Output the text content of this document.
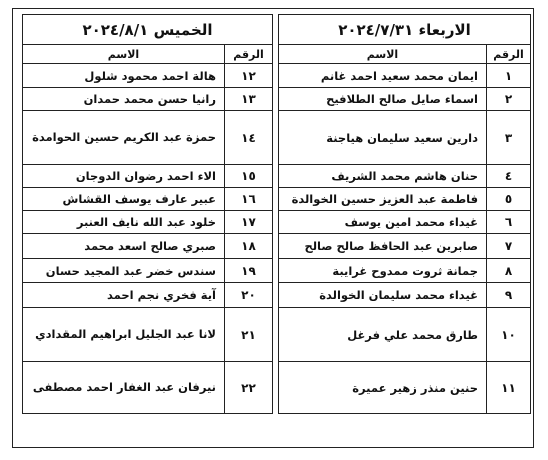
الاربعاء ٢٠٢٤/٧/٣١	
الرقم	الاسم
١	ايمان محمد سعيد احمد غانم
٢	اسماء صايل صالح الطلافيح
٣	دارين سعيد سليمان هياجنة
٤	حنان هاشم محمد الشريف
٥	فاطمة عبد العزيز حسين الخوالدة
٦	غيداء محمد امين يوسف
٧	صابرين عبد الحافظ صالح صالح
٨	جمانة ثروت ممدوح غرايبة
٩	غيداء محمد سليمان الخوالدة
١٠	طارق محمد علي فرغل
١١	حنين منذر زهير عميرة
الخميس ٢٠٢٤/٨/١	
الرقم	الاسم
١٢	هالة احمد محمود شلول
١٣	رانيا حسن محمد حمدان
١٤	حمزة عبد الكريم حسين الحوامدة
١٥	الاء احمد رضوان الدوجان
١٦	عبير عارف يوسف القشاش
١٧	خلود عبد الله نايف العنبر
١٨	صبري صالح اسعد محمد
١٩	سندس خضر عبد المجيد حسان
٢٠	آية فخري نجم احمد
٢١	لانا عبد الجليل ابراهيم المقدادي
٢٢	نيرفان عبد الغفار احمد مصطفى
